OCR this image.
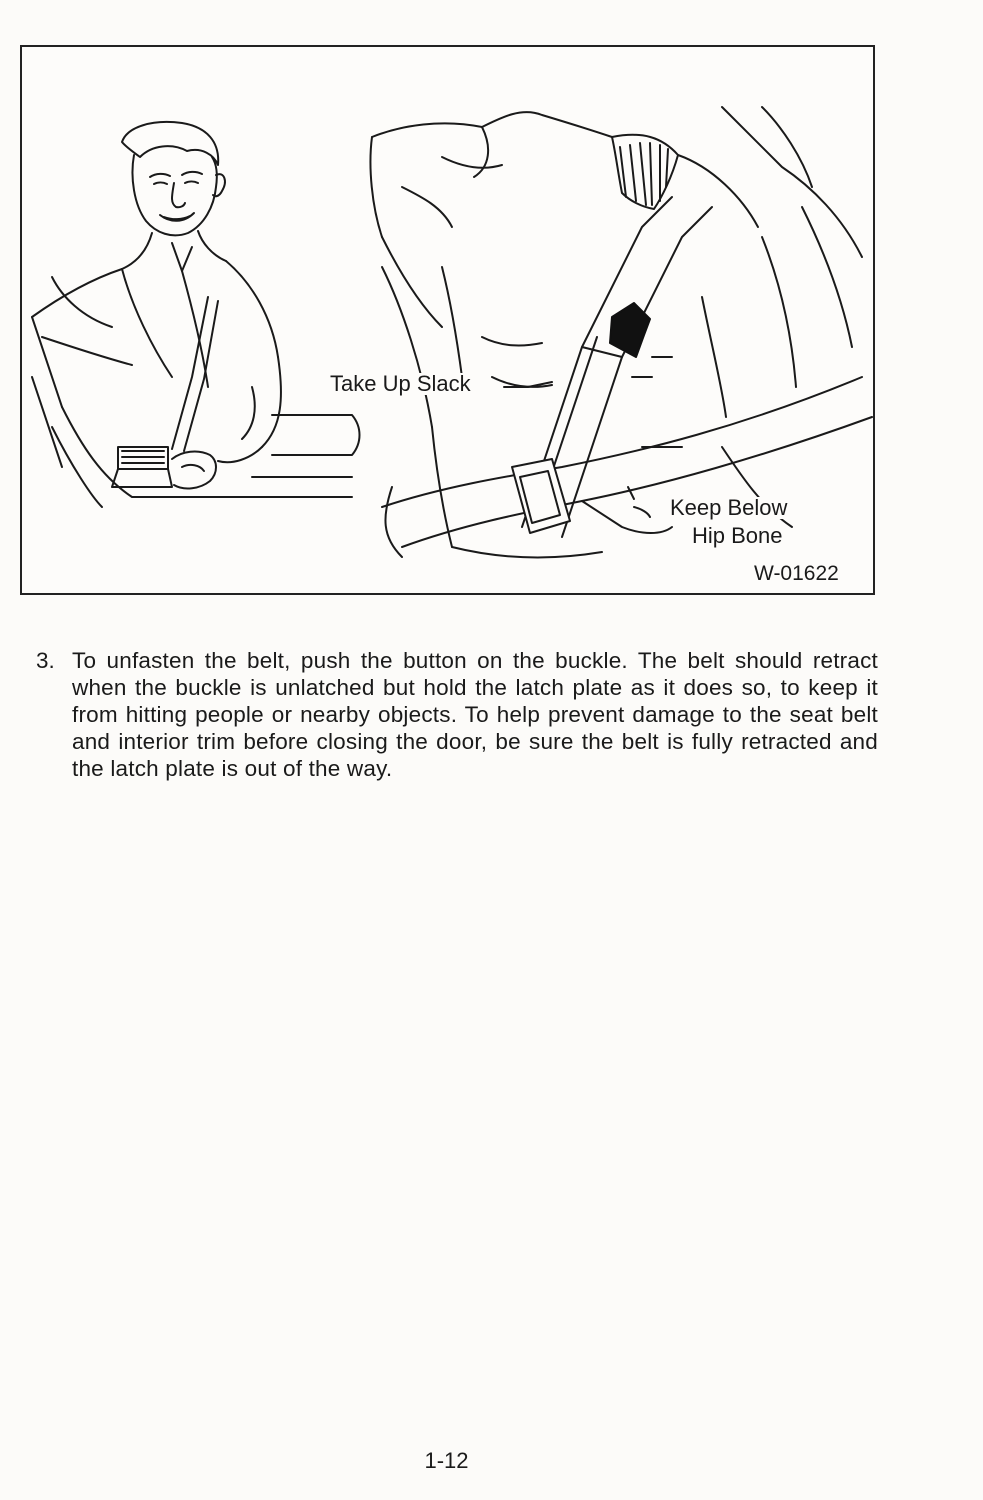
Take Up Slack
Keep Below
Hip Bone
W-01622
3. To unfasten the belt, push the button on the buckle. The belt should retract when the buckle is unlatched but hold the latch plate as it does so, to keep it from hitting people or nearby objects. To help prevent damage to the seat belt and interior trim before closing the door, be sure the belt is fully retracted and the latch plate is out of the way.
1-12
